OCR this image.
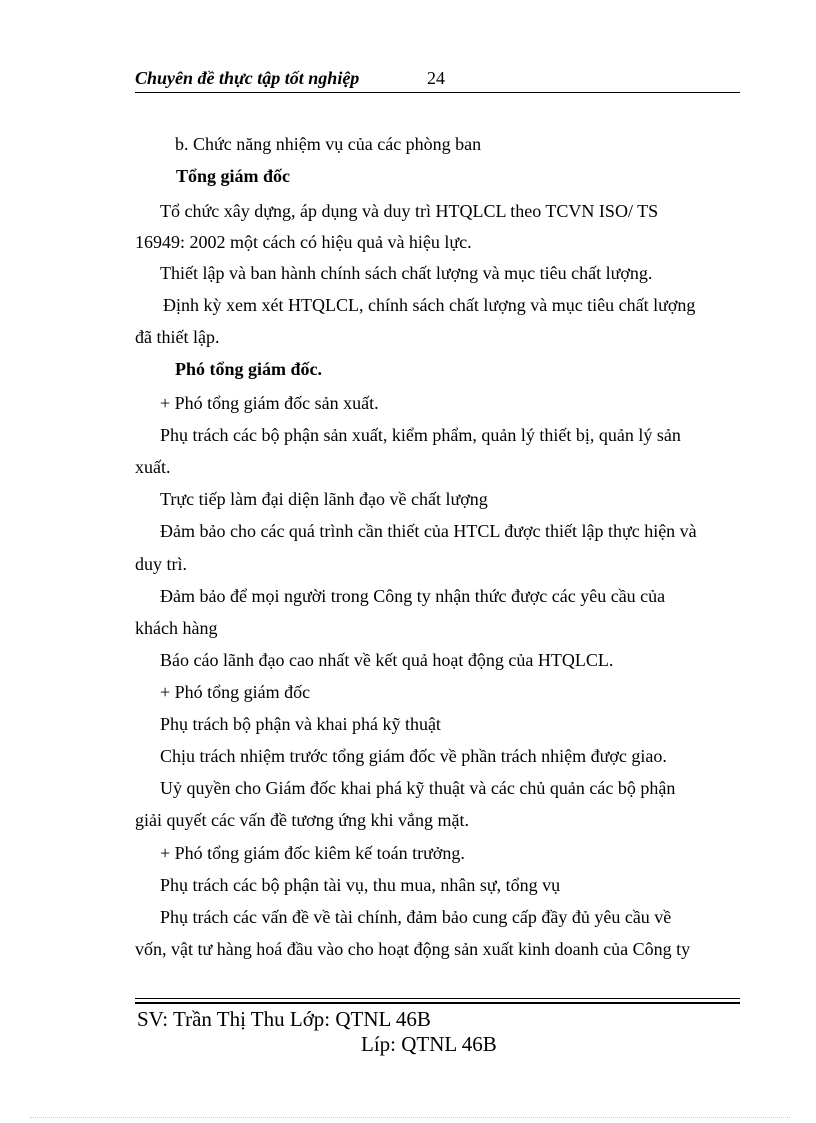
Chuyên đề thực tập tốt nghiệp	24
b. Chức năng nhiệm vụ của các phòng ban
Tổng giám đốc
Tổ chức xây dựng, áp dụng và duy trì HTQLCL theo TCVN ISO/ TS
16949: 2002 một cách có hiệu quả và hiệu lực.
Thiết lập và ban hành chính sách chất lượng và mục tiêu chất lượng.
Định kỳ xem xét HTQLCL, chính sách chất lượng và mục tiêu chất lượng
đã thiết lập.
Phó tổng giám đốc.
+ Phó tổng giám đốc sản xuất.
Phụ trách các bộ phận sản xuất, kiểm phẩm, quản lý thiết bị, quản lý sản
xuất.
Trực tiếp làm đại diện lãnh đạo về chất lượng
Đảm bảo cho các quá trình cần thiết của HTCL được thiết lập thực hiện và
duy trì.
Đảm bảo để mọi người trong Công ty nhận thức được các yêu cầu của
khách hàng
Báo cáo lãnh đạo cao nhất về kết quả hoạt động của HTQLCL.
+ Phó tổng giám đốc
Phụ trách bộ phận và khai phá kỹ thuật
Chịu trách nhiệm trước tổng giám đốc về phần trách nhiệm được giao.
Uỷ quyền cho Giám đốc khai phá kỹ thuật và các chủ quản các bộ phận
giải quyết các vấn đề tương ứng khi vắng mặt.
+ Phó tổng giám đốc kiêm kế toán trưởng.
Phụ trách các bộ phận tài vụ, thu mua, nhân sự, tổng vụ
Phụ trách các vấn đề về tài chính, đảm bảo cung cấp đầy đủ yêu cầu về
vốn, vật tư hàng hoá đầu vào cho hoạt động sản xuất kinh doanh của Công ty
SV: Trần Thị Thu Lớp: QTNL 46B
Líp: QTNL 46B
